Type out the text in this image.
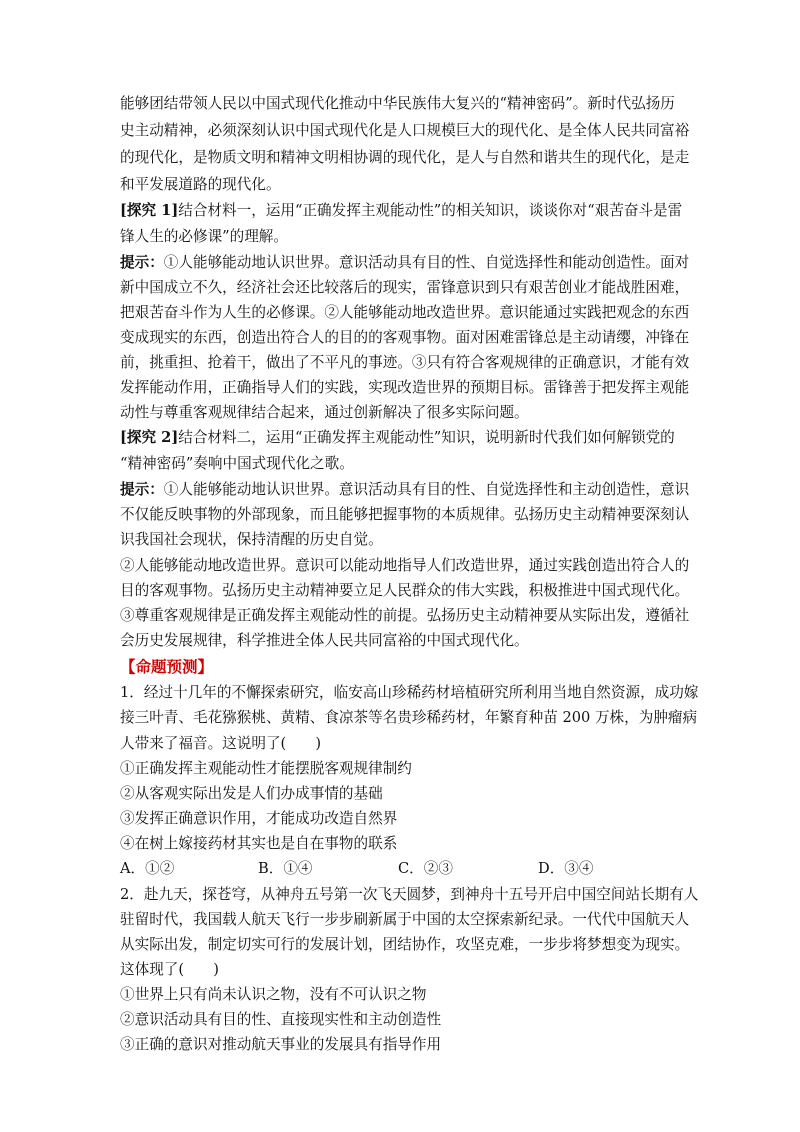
能够团结带领人民以中国式现代化推动中华民族伟大复兴的“精神密码”。新时代弘扬历
史主动精神，必须深刻认识中国式现代化是人口规模巨大的现代化、是全体人民共同富裕
的现代化，是物质文明和精神文明相协调的现代化，是人与自然和谐共生的现代化，是走
和平发展道路的现代化。
[探究 1]结合材料一，运用“正确发挥主观能动性”的相关知识，谈谈你对“艰苦奋斗是雷
锋人生的必修课”的理解。
提示：①人能够能动地认识世界。意识活动具有目的性、自觉选择性和能动创造性。面对
新中国成立不久，经济社会还比较落后的现实，雷锋意识到只有艰苦创业才能战胜困难，
把艰苦奋斗作为人生的必修课。②人能够能动地改造世界。意识能通过实践把观念的东西
变成现实的东西，创造出符合人的目的的客观事物。面对困难雷锋总是主动请缨，冲锋在
前，挑重担、抢着干，做出了不平凡的事迹。③只有符合客观规律的正确意识，才能有效
发挥能动作用，正确指导人们的实践，实现改造世界的预期目标。雷锋善于把发挥主观能
动性与尊重客观规律结合起来，通过创新解决了很多实际问题。
[探究 2]结合材料二，运用“正确发挥主观能动性”知识，说明新时代我们如何解锁党的
“精神密码”奏响中国式现代化之歌。
提示：①人能够能动地认识世界。意识活动具有目的性、自觉选择性和主动创造性，意识
不仅能反映事物的外部现象，而且能够把握事物的本质规律。弘扬历史主动精神要深刻认
识我国社会现状，保持清醒的历史自觉。
②人能够能动地改造世界。意识可以能动地指导人们改造世界，通过实践创造出符合人的
目的客观事物。弘扬历史主动精神要立足人民群众的伟大实践，积极推进中国式现代化。
③尊重客观规律是正确发挥主观能动性的前提。弘扬历史主动精神要从实际出发，遵循社
会历史发展规律，科学推进全体人民共同富裕的中国式现代化。
【命题预测】
1．经过十几年的不懈探索研究，临安高山珍稀药材培植研究所利用当地自然资源，成功嫁
接三叶青、毛花猕猴桃、黄精、食凉茶等名贵珍稀药材，年繁育种苗 200 万株，为肿瘤病
人带来了福音。这说明了(　　)
①正确发挥主观能动性才能摆脱客观规律制约
②从客观实际出发是人们办成事情的基础
③发挥正确意识作用，才能成功改造自然界
④在树上嫁接药材其实也是自在事物的联系
A．①②	B．①④	C．②③	D．③④
2．赴九天，探苍穹，从神舟五号第一次飞天圆梦，到神舟十五号开启中国空间站长期有人
驻留时代，我国载人航天飞行一步步刷新属于中国的太空探索新纪录。一代代中国航天人
从实际出发，制定切实可行的发展计划，团结协作，攻坚克难，一步步将梦想变为现实。
这体现了(　　)
①世界上只有尚未认识之物，没有不可认识之物
②意识活动具有目的性、直接现实性和主动创造性
③正确的意识对推动航天事业的发展具有指导作用
